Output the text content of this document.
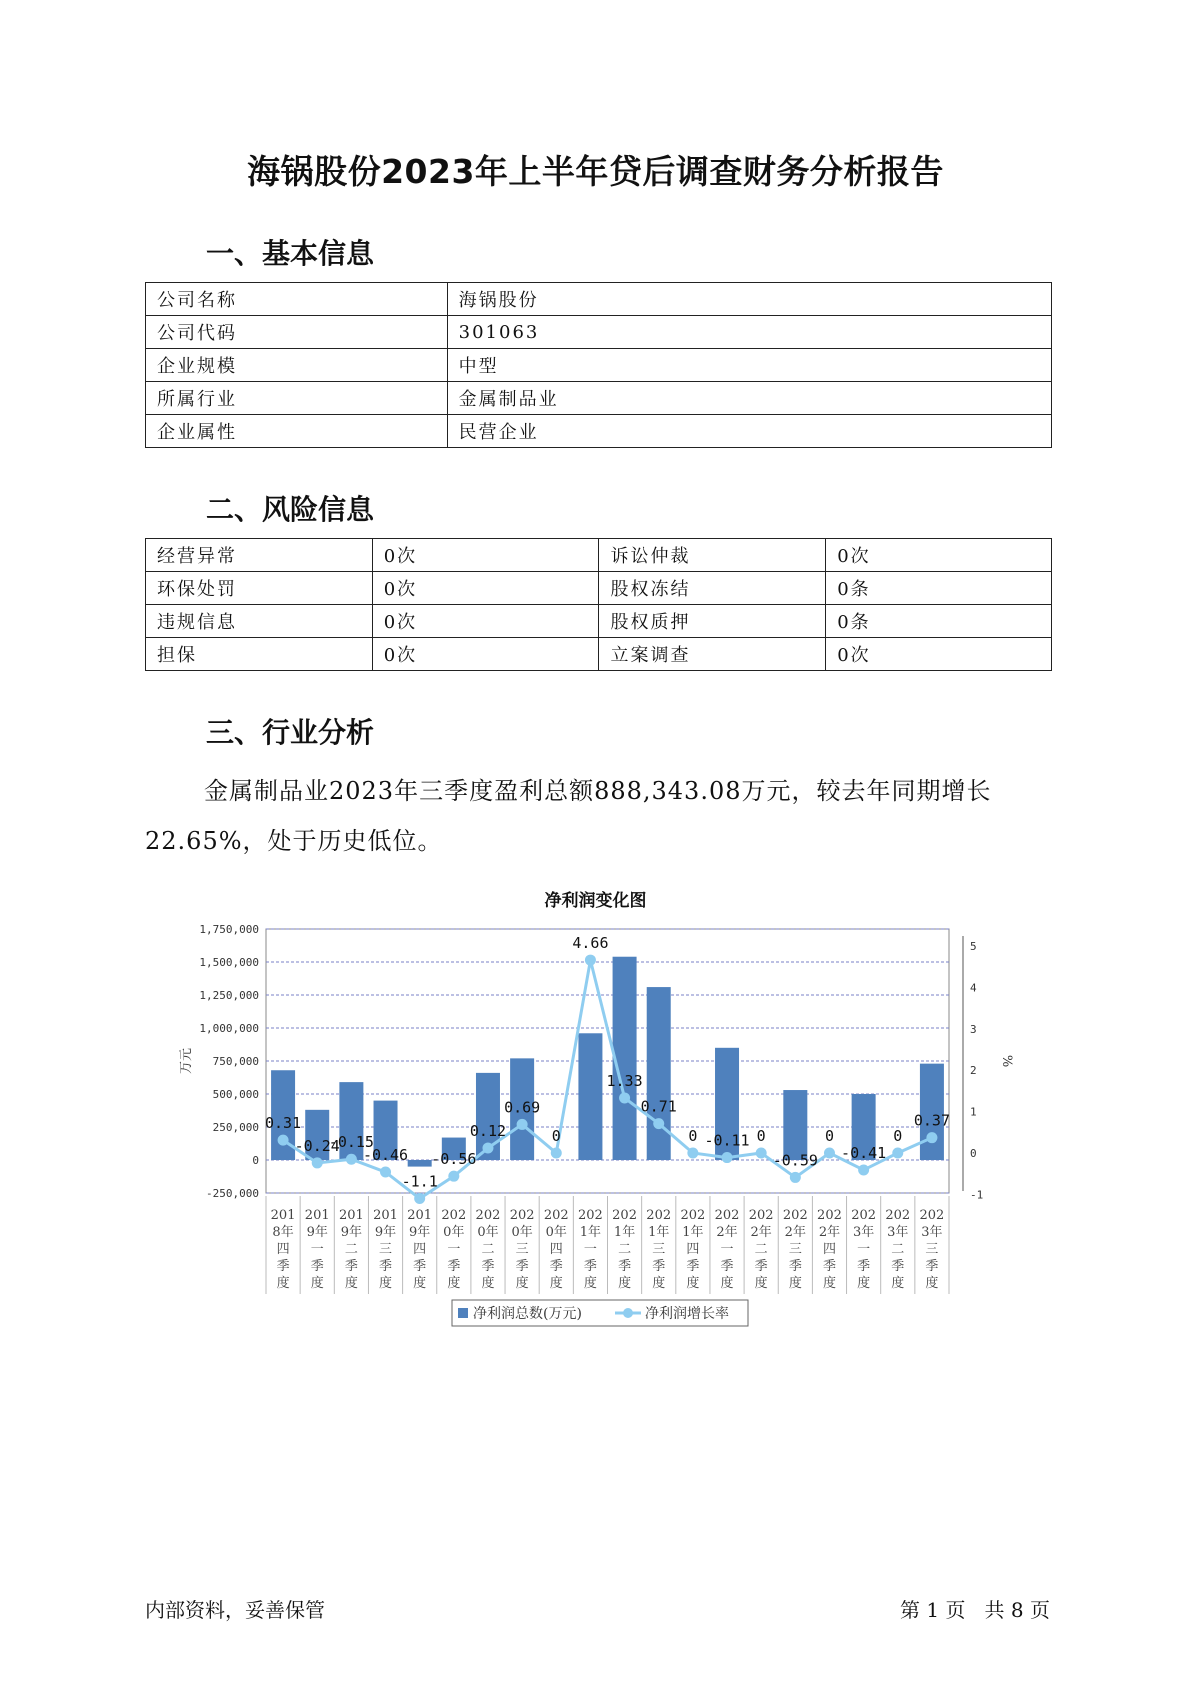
海锅股份2023年上半年贷后调查财务分析报告
一、基本信息
公司名称	海锅股份
公司代码	301063
企业规模	中型
所属行业	金属制品业
企业属性	民营企业
二、风险信息
经营异常	0次	诉讼仲裁	0次
环保处罚	0次	股权冻结	0条
违规信息	0次	股权质押	0条
担保	0次	立案调查	0次
三、行业分析
金属制品业2023年三季度盈利总额888,343.08万元，较去年同期增长22.65%，处于历史低位。
净利润变化图
1,750,000
1,500,000
1,250,000
1,000,000
750,000
500,000
250,000
0
-250,000
5
4
3
2
1
0
-1
万元	%
0.31
-0.24
-0.15
-0.46
-1.1
-0.56
0.12
0.69
0
4.66
1.33
0.71
0 -0.11 0
-0.59
0
-0.41
0
0.37
201
8年
四
季
度
201
9年
一
季
度
201
9年
二
季
度
201
9年
三
季
度
201
9年
四
季
度
202
0年
一
季
度
202
0年
二
季
度
202
0年
三
季
度
202
0年
四
季
度
202
1年
一
季
度
202
1年
二
季
度
202
1年
三
季
度
202
1年
四
季
度
202
2年
一
季
度
202
2年
二
季
度
202
2年
三
季
度
202
2年
四
季
度
202
3年
一
季
度
202
3年
二
季
度
202
3年
三
季
度
净利润总数(万元)	净利润增长率
内部资料，妥善保管	第 1 页   共 8 页
